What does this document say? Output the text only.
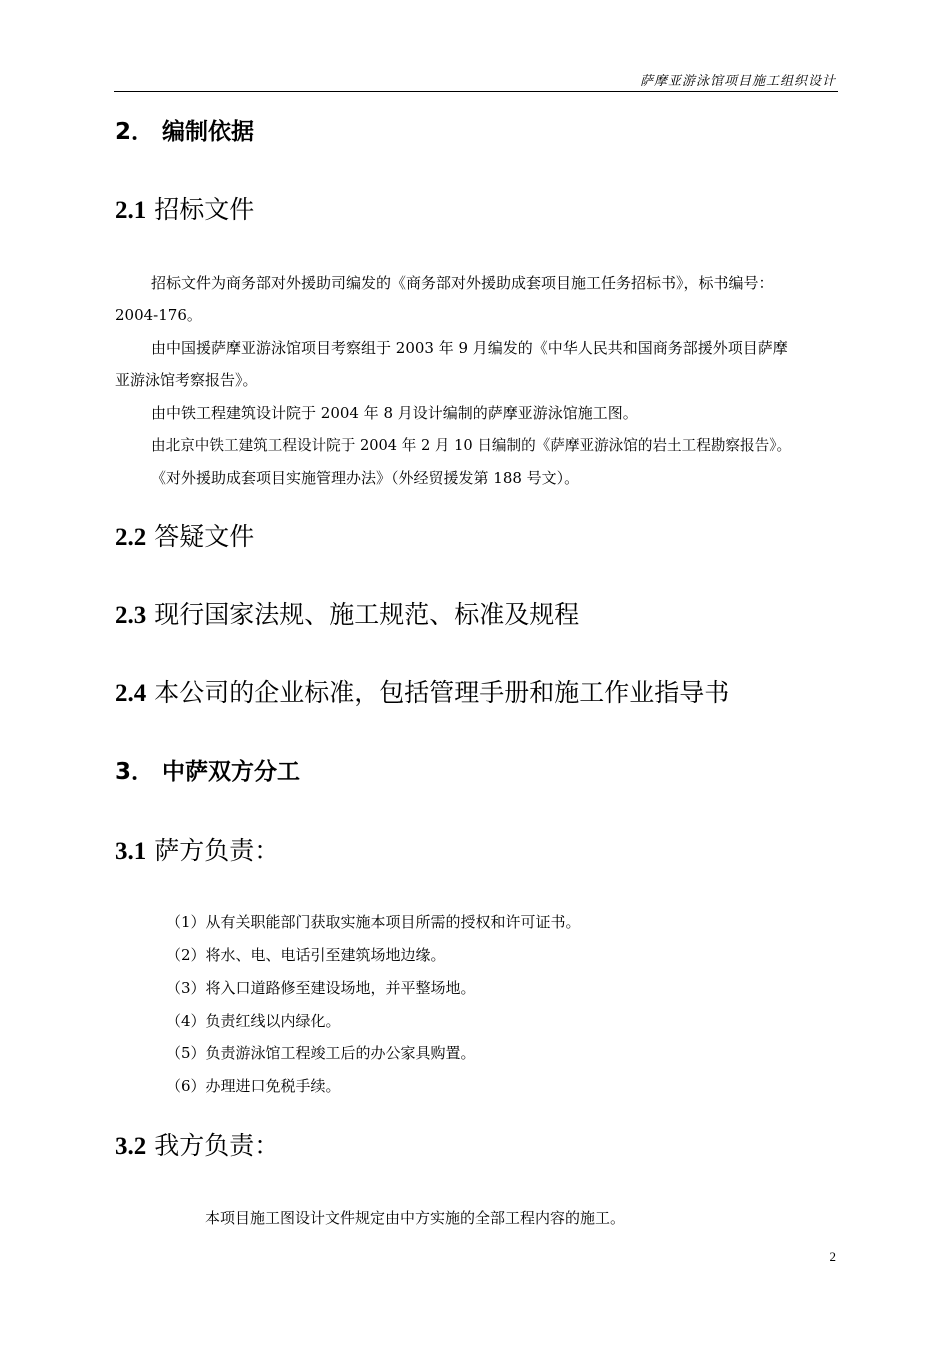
萨摩亚游泳馆项目施工组织设计
2． 编制依据
2.1 招标文件

招标文件为商务部对外援助司编发的《商务部对外援助成套项目施工任务招标书》，标书编号：

2004-176。

由中国援萨摩亚游泳馆项目考察组于 2003 年 9 月编发的《中华人民共和国商务部援外项目萨摩

亚游泳馆考察报告》。

由中铁工程建筑设计院于 2004 年 8 月设计编制的萨摩亚游泳馆施工图。

由北京中铁工建筑工程设计院于 2004 年 2 月 10 日编制的《萨摩亚游泳馆的岩土工程勘察报告》。

《对外援助成套项目实施管理办法》（外经贸援发第 188 号文）。

2.2 答疑文件
2.3 现行国家法规、施工规范、标准及规程
2.4 本公司的企业标准，包括管理手册和施工作业指导书
3． 中萨双方分工
3.1 萨方负责：

（1）从有关职能部门获取实施本项目所需的授权和许可证书。

（2）将水、电、电话引至建筑场地边缘。

（3）将入口道路修至建设场地，并平整场地。

（4）负责红线以内绿化。

（5）负责游泳馆工程竣工后的办公家具购置。

（6）办理进口免税手续。

3.2 我方负责：

本项目施工图设计文件规定由中方实施的全部工程内容的施工。

2
